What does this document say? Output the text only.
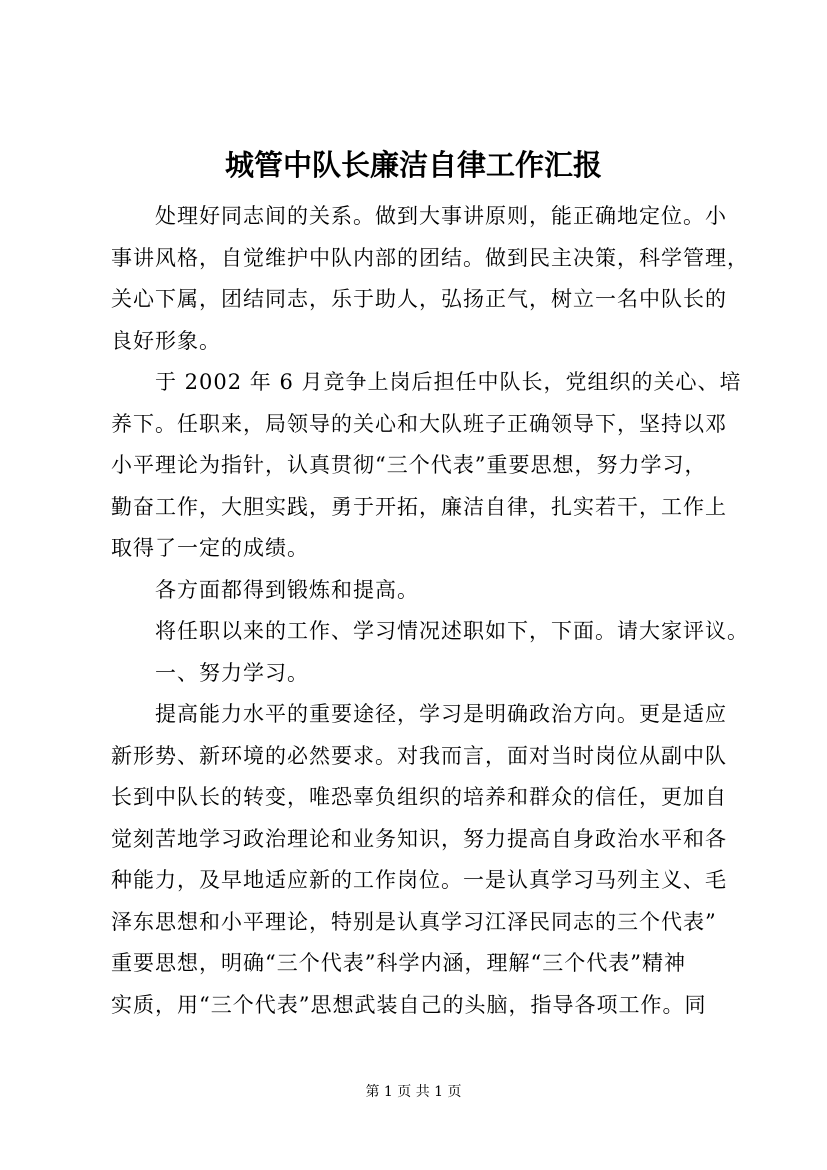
城管中队长廉洁自律工作汇报
　　处理好同志间的关系。做到大事讲原则，能正确地定位。小
事讲风格，自觉维护中队内部的团结。做到民主决策，科学管理，
关心下属，团结同志，乐于助人，弘扬正气，树立一名中队长的
良好形象。
　　于 2002 年 6 月竞争上岗后担任中队长，党组织的关心、培
养下。任职来，局领导的关心和大队班子正确领导下，坚持以邓
小平理论为指针，认真贯彻“三个代表”重要思想，努力学习，
勤奋工作，大胆实践，勇于开拓，廉洁自律，扎实若干，工作上
取得了一定的成绩。
　　各方面都得到锻炼和提高。
　　将任职以来的工作、学习情况述职如下，下面。请大家评议。
　　一、努力学习。
　　提高能力水平的重要途径，学习是明确政治方向。更是适应
新形势、新环境的必然要求。对我而言，面对当时岗位从副中队
长到中队长的转变，唯恐辜负组织的培养和群众的信任，更加自
觉刻苦地学习政治理论和业务知识，努力提高自身政治水平和各
种能力，及早地适应新的工作岗位。一是认真学习马列主义、毛
泽东思想和小平理论，特别是认真学习江泽民同志的三个代表”
重要思想，明确“三个代表”科学内涵，理解“三个代表”精神
实质，用“三个代表”思想武装自己的头脑，指导各项工作。同
第 1 页 共 1 页
